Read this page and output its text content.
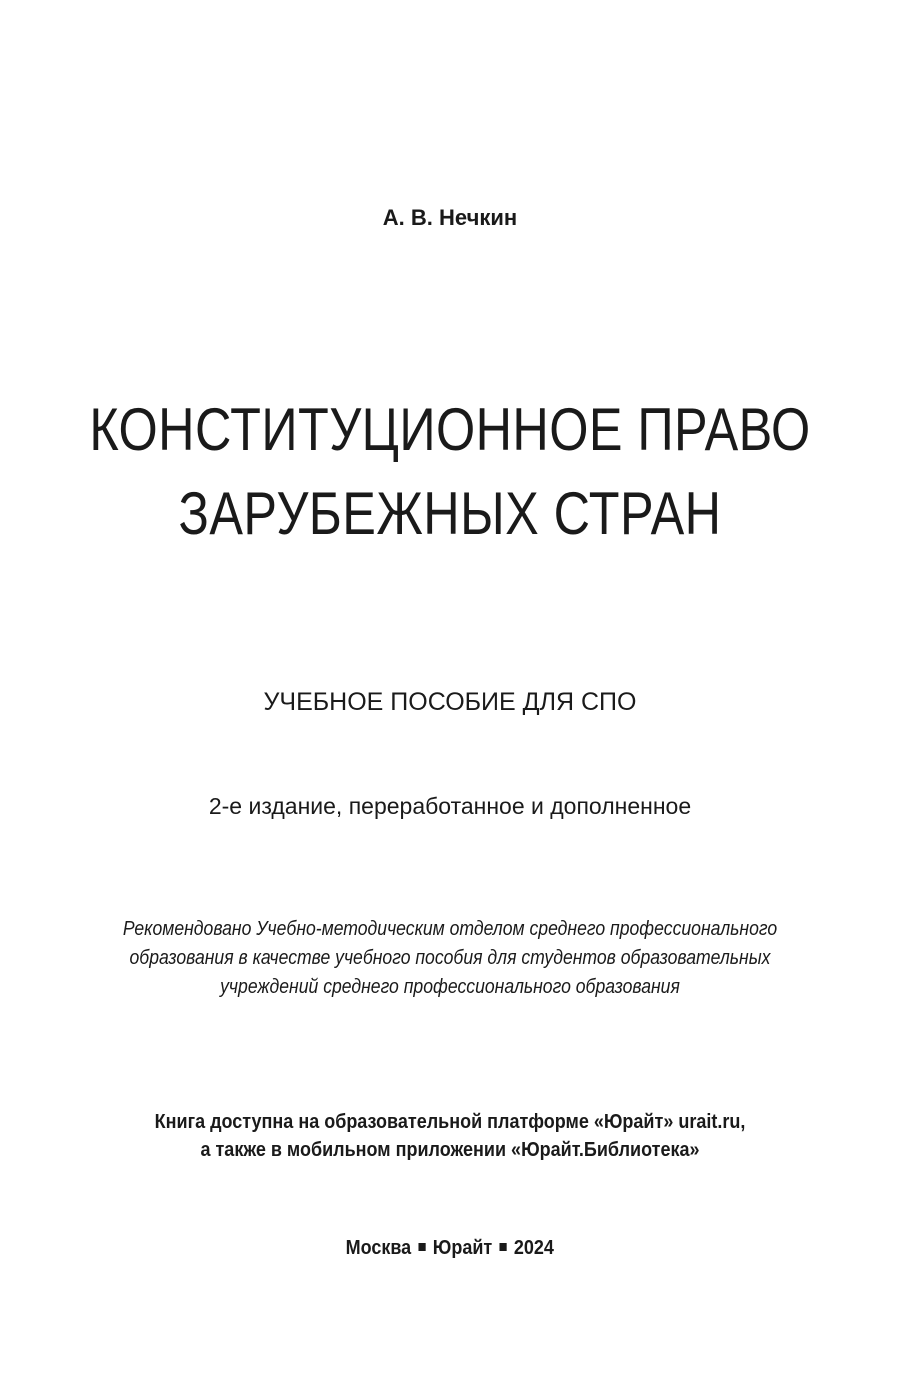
А. В. Нечкин
КОНСТИТУЦИОННОЕ ПРАВО
ЗАРУБЕЖНЫХ СТРАН
УЧЕБНОЕ ПОСОБИЕ ДЛЯ СПО
2-е издание, переработанное и дополненное
Рекомендовано Учебно-методическим отделом среднего профессионального
образования в качестве учебного пособия для студентов образовательных
учреждений среднего профессионального образования
Книга доступна на образовательной платформе «Юрайт» urait.ru,
а также в мобильном приложении «Юрайт.Библиотека»
Москва Юрайт 2024
